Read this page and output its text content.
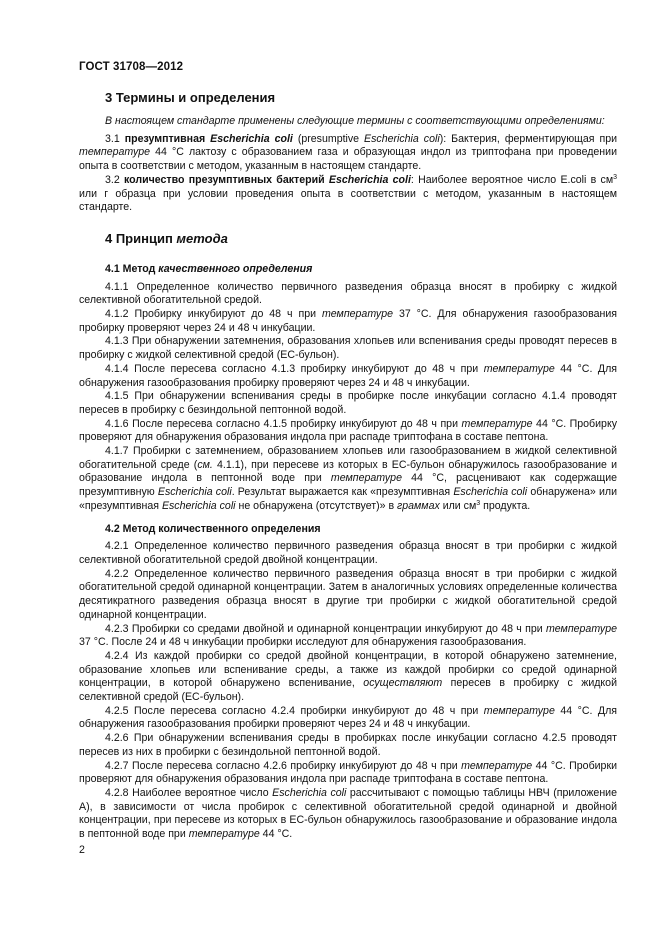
ГОСТ 31708—2012
3 Термины и определения

В настоящем стандарте применены следующие термины с соответствующими определениями:

3.1 презумптивная Escherichia coli (presumptive Escherichia coli): Бактерия, ферментирующая при температуре 44 °С лактозу с образованием газа и образующая индол из триптофана при проведении опыта в соответствии с методом, указанным в настоящем стандарте.

3.2 количество презумптивных бактерий Escherichia coli: Наиболее вероятное число E.coli в $см^3$ или г образца при условии проведения опыта в соответствии с методом, указанным в настоящем стандарте.

4 Принцип метода
4.1 Метод качественного определения

4.1.1 Определенное количество первичного разведения образца вносят в пробирку с жидкой селективной обогатительной средой.

4.1.2 Пробирку инкубируют до 48 ч при температуре 37 °С. Для обнаружения газообразования пробирку проверяют через 24 и 48 ч инкубации.

4.1.3 При обнаружении затемнения, образования хлопьев или вспенивания среды проводят пересев в пробирку с жидкой селективной средой (ЕС-бульон).

4.1.4 После пересева согласно 4.1.3 пробирку инкубируют до 48 ч при температуре 44 °С. Для обнаружения газообразования пробирку проверяют через 24 и 48 ч инкубации.

4.1.5 При обнаружении вспенивания среды в пробирке после инкубации согласно 4.1.4 проводят пересев в пробирку с безиндольной пептонной водой.

4.1.6 После пересева согласно 4.1.5 пробирку инкубируют до 48 ч при температуре 44 °С. Пробирку проверяют для обнаружения образования индола при распаде триптофана в составе пептона.

4.1.7 Пробирки с затемнением, образованием хлопьев или газообразованием в жидкой селективной обогатительной среде (см. 4.1.1), при пересеве из которых в ЕС-бульон обнаружилось газообразование и образование индола в пептонной воде при температуре 44 °С, расценивают как содержащие презумптивную Escherichia coli. Результат выражается как «презумптивная Escherichia coli обнаружена» или «презумптивная Escherichia coli не обнаружена (отсутствует)» в граммах или $см^3$ продукта.

4.2 Метод количественного определения

4.2.1 Определенное количество первичного разведения образца вносят в три пробирки с жидкой селективной обогатительной средой двойной концентрации.

4.2.2 Определенное количество первичного разведения образца вносят в три пробирки с жидкой обогатительной средой одинарной концентрации. Затем в аналогичных условиях определенные количества десятикратного разведения образца вносят в другие три пробирки с жидкой обогатительной средой одинарной концентрации.

4.2.3 Пробирки со средами двойной и одинарной концентрации инкубируют до 48 ч при температуре 37 °С. После 24 и 48 ч инкубации пробирки исследуют для обнаружения газообразования.

4.2.4 Из каждой пробирки со средой двойной концентрации, в которой обнаружено затемнение, образование хлопьев или вспенивание среды, а также из каждой пробирки со средой одинарной концентрации, в которой обнаружено вспенивание, осуществляют пересев в пробирку с жидкой селективной средой (ЕС-бульон).

4.2.5 После пересева согласно 4.2.4 пробирки инкубируют до 48 ч при температуре 44 °С. Для обнаружения газообразования пробирки проверяют через 24 и 48 ч инкубации.

4.2.6 При обнаружении вспенивания среды в пробирках после инкубации согласно 4.2.5 проводят пересев из них в пробирки с безиндольной пептонной водой.

4.2.7 После пересева согласно 4.2.6 пробирку инкубируют до 48 ч при температуре 44 °С. Пробирки проверяют для обнаружения образования индола при распаде триптофана в составе пептона.

4.2.8 Наиболее вероятное число Escherichia coli рассчитывают с помощью таблицы НВЧ (приложение А), в зависимости от числа пробирок с селективной обогатительной средой одинарной и двойной концентрации, при пересеве из которых в ЕС-бульон обнаружилось газообразование и образование индола в пептонной воде при температуре 44 °С.

2
